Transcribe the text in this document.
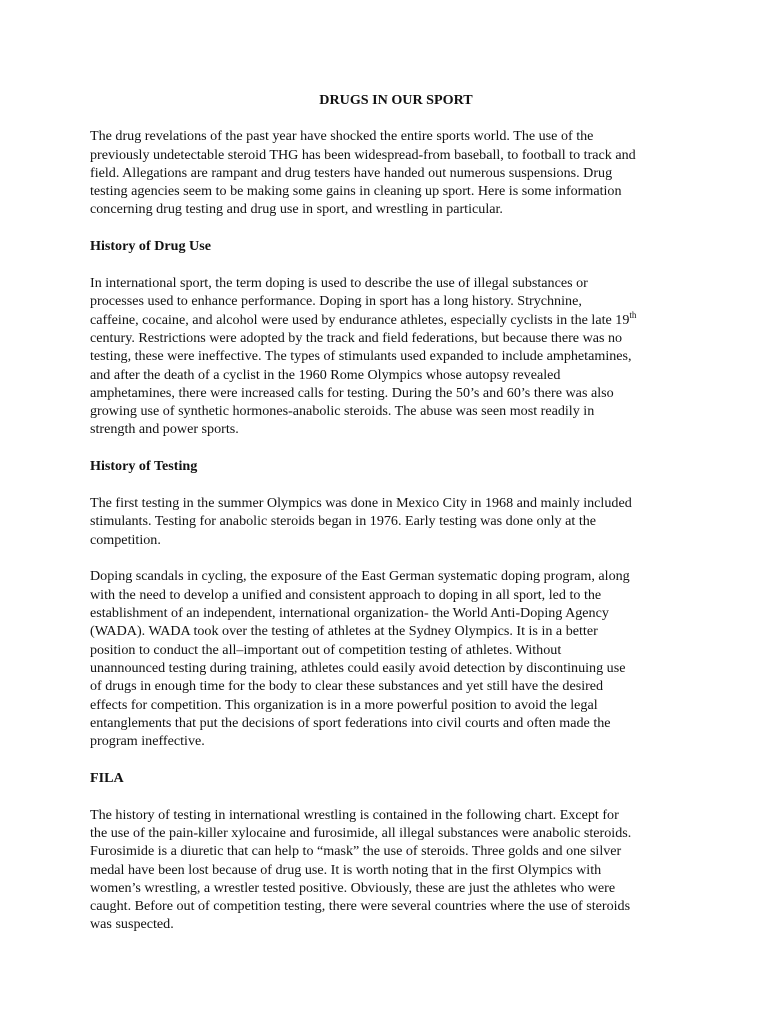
DRUGS IN OUR SPORT
The drug revelations of the past year have shocked the entire sports world. The use of the
previously undetectable steroid THG has been widespread-from baseball, to football to track and
field. Allegations are rampant and drug testers have handed out numerous suspensions. Drug
testing agencies seem to be making some gains in cleaning up sport. Here is some information
concerning drug testing and drug use in sport, and wrestling in particular.
History of Drug Use
In international sport, the term doping is used to describe the use of illegal substances or
processes used to enhance performance. Doping in sport has a long history. Strychnine,
caffeine, cocaine, and alcohol were used by endurance athletes, especially cyclists in the late 19th
century. Restrictions were adopted by the track and field federations, but because there was no
testing, these were ineffective. The types of stimulants used expanded to include amphetamines,
and after the death of a cyclist in the 1960 Rome Olympics whose autopsy revealed
amphetamines, there were increased calls for testing. During the 50’s and 60’s there was also
growing use of synthetic hormones-anabolic steroids. The abuse was seen most readily in
strength and power sports.
History of Testing
The first testing in the summer Olympics was done in Mexico City in 1968 and mainly included
stimulants. Testing for anabolic steroids began in 1976. Early testing was done only at the
competition.
Doping scandals in cycling, the exposure of the East German systematic doping program, along
with the need to develop a unified and consistent approach to doping in all sport, led to the
establishment of an independent, international organization- the World Anti-Doping Agency
(WADA). WADA took over the testing of athletes at the Sydney Olympics. It is in a better
position to conduct the all–important out of competition testing of athletes. Without
unannounced testing during training, athletes could easily avoid detection by discontinuing use
of drugs in enough time for the body to clear these substances and yet still have the desired
effects for competition. This organization is in a more powerful position to avoid the legal
entanglements that put the decisions of sport federations into civil courts and often made the
program ineffective.
FILA
The history of testing in international wrestling is contained in the following chart. Except for
the use of the pain-killer xylocaine and furosimide, all illegal substances were anabolic steroids.
Furosimide is a diuretic that can help to “mask” the use of steroids. Three golds and one silver
medal have been lost because of drug use. It is worth noting that in the first Olympics with
women’s wrestling, a wrestler tested positive. Obviously, these are just the athletes who were
caught. Before out of competition testing, there were several countries where the use of steroids
was suspected.
